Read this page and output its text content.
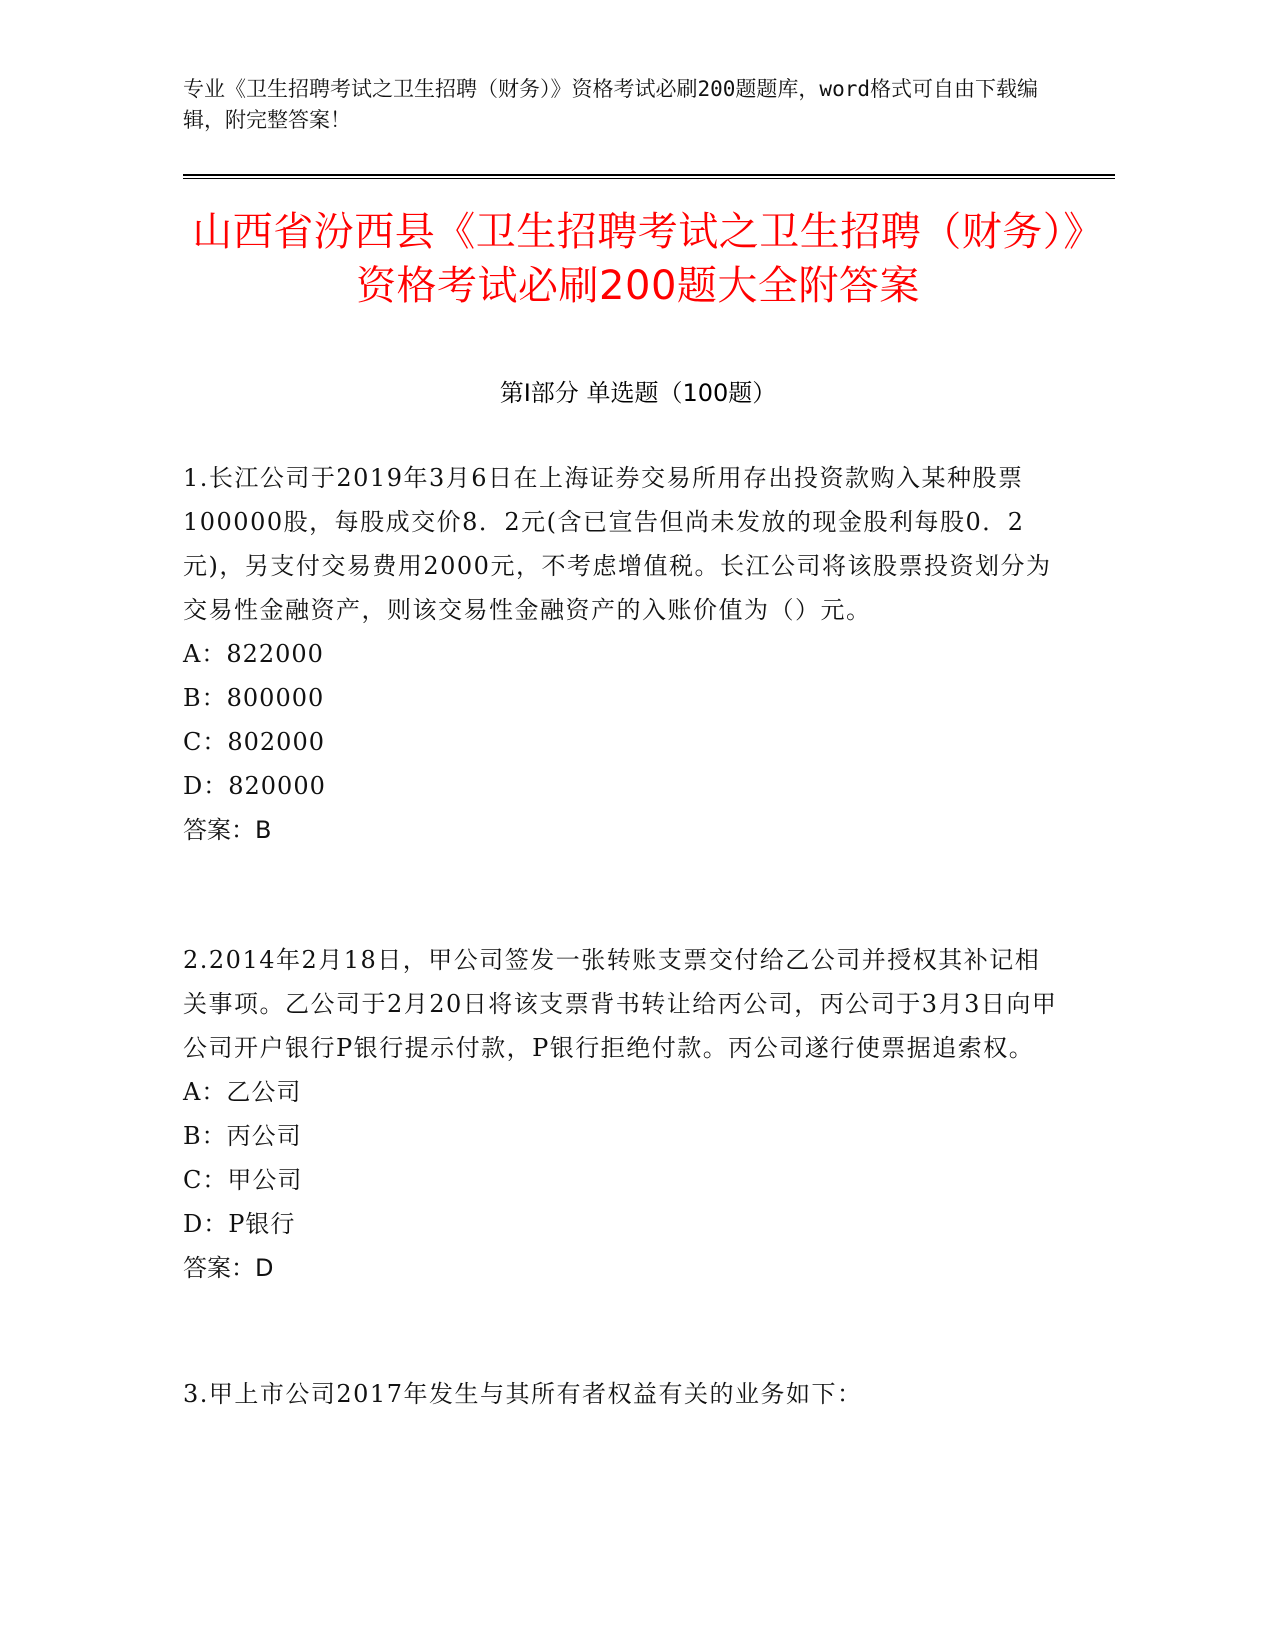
专业《卫生招聘考试之卫生招聘（财务）》资格考试必刷200题题库，word格式可自由下载编辑，附完整答案！
山西省汾西县《卫生招聘考试之卫生招聘（财务）》资格考试必刷200题大全附答案
第Ⅰ部分 单选题（100题）
1.长江公司于2019年3月6日在上海证券交易所用存出投资款购入某种股票100000股，每股成交价8．2元(含已宣告但尚未发放的现金股利每股0．2元)，另支付交易费用2000元，不考虑增值税。长江公司将该股票投资划分为交易性金融资产，则该交易性金融资产的入账价值为（）元。
A：822000
B：800000
C：802000
D：820000
答案：B
2.2014年2月18日，甲公司签发一张转账支票交付给乙公司并授权其补记相关事项。乙公司于2月20日将该支票背书转让给丙公司，丙公司于3月3日向甲公司开户银行P银行提示付款，P银行拒绝付款。丙公司遂行使票据追索权。
A：乙公司
B：丙公司
C：甲公司
D：P银行
答案：D
3.甲上市公司2017年发生与其所有者权益有关的业务如下：
